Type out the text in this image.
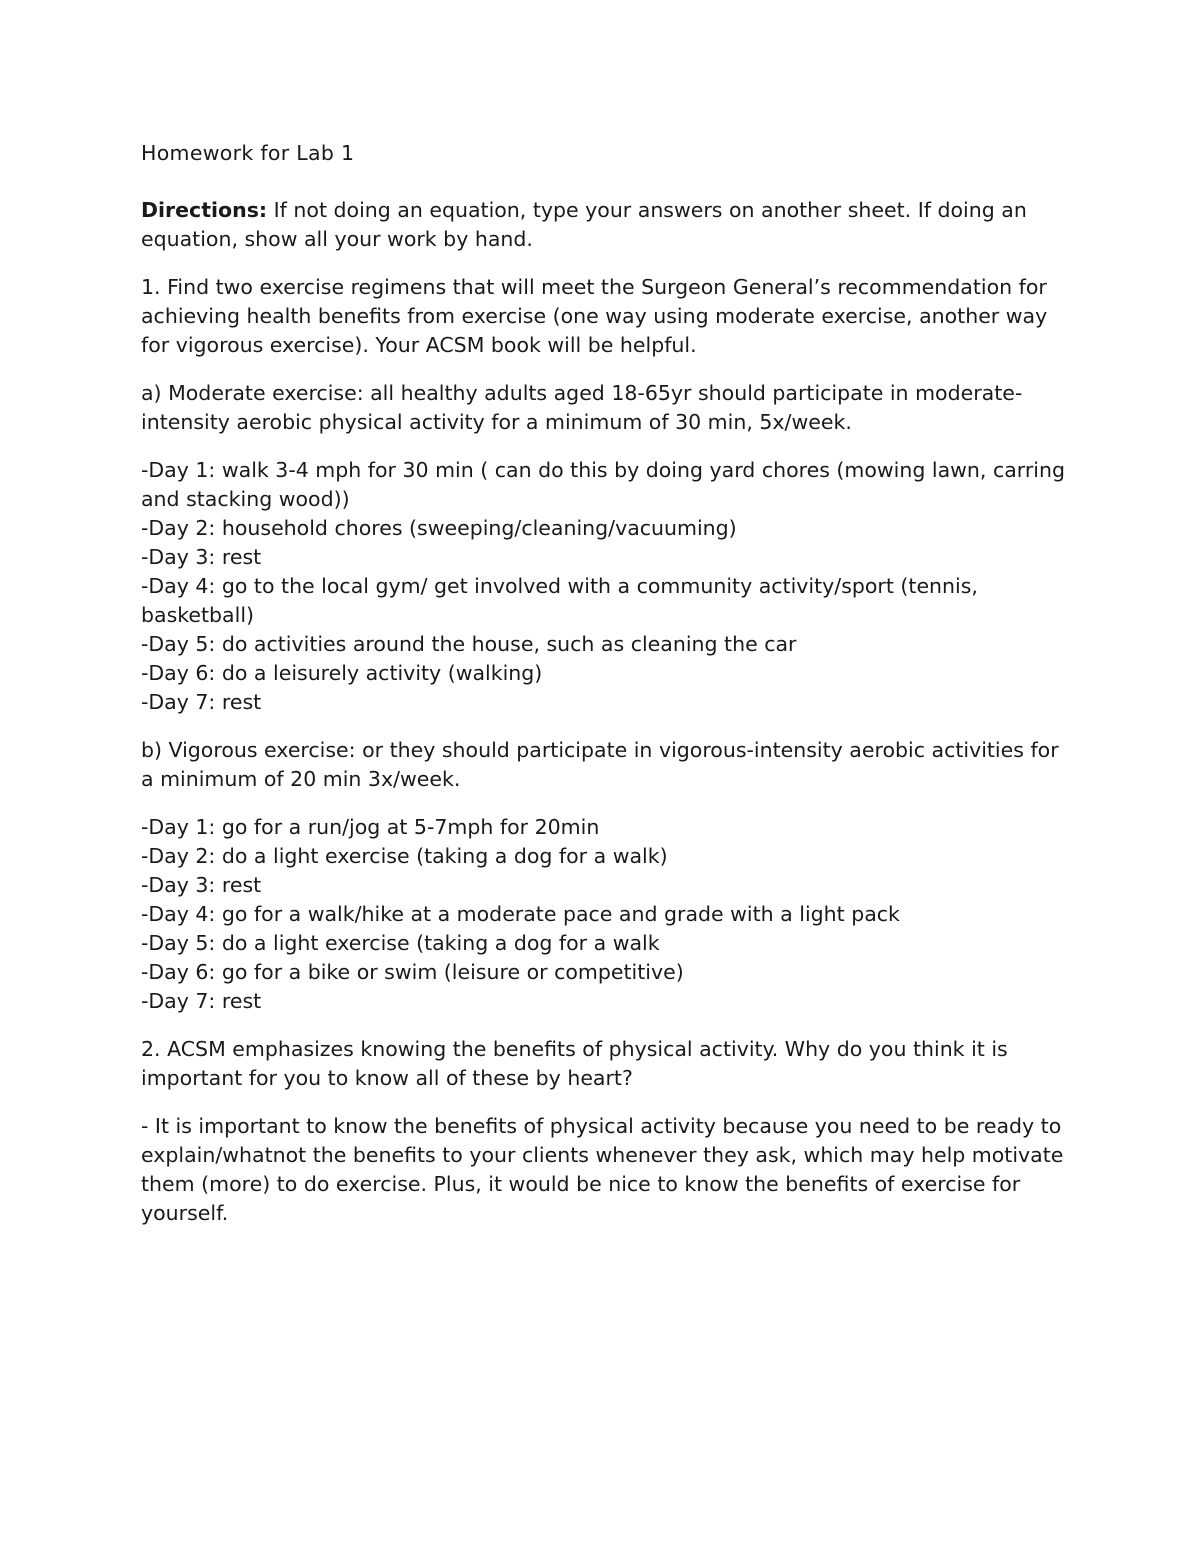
Homework for Lab 1

Directions: If not doing an equation, type your answers on another sheet. If doing an equation, show all your work by hand.

1. Find two exercise regimens that will meet the Surgeon General’s recommendation for achieving health benefits from exercise (one way using moderate exercise, another way for vigorous exercise). Your ACSM book will be helpful.

a) Moderate exercise: all healthy adults aged 18-65yr should participate in moderate-intensity aerobic physical activity for a minimum of 30 min, 5x/week.

-Day 1: walk 3-4 mph for 30 min ( can do this by doing yard chores (mowing lawn, carring and stacking wood))
-Day 2: household chores (sweeping/cleaning/vacuuming)
-Day 3: rest
-Day 4: go to the local gym/ get involved with a community activity/sport (tennis, basketball)
-Day 5: do activities around the house, such as cleaning the car
-Day 6: do a leisurely activity (walking)
-Day 7: rest

b) Vigorous exercise: or they should participate in vigorous-intensity aerobic activities for a minimum of 20 min 3x/week.

-Day 1: go for a run/jog at 5-7mph for 20min
-Day 2: do a light exercise (taking a dog for a walk)
-Day 3: rest
-Day 4: go for a walk/hike at a moderate pace and grade with a light pack
-Day 5: do a light exercise (taking a dog for a walk
-Day 6: go for a bike or swim (leisure or competitive)
-Day 7: rest

2. ACSM emphasizes knowing the benefits of physical activity. Why do you think it is important for you to know all of these by heart?

- It is important to know the benefits of physical activity because you need to be ready to explain/whatnot the benefits to your clients whenever they ask, which may help motivate them (more) to do exercise. Plus, it would be nice to know the benefits of exercise for yourself.
